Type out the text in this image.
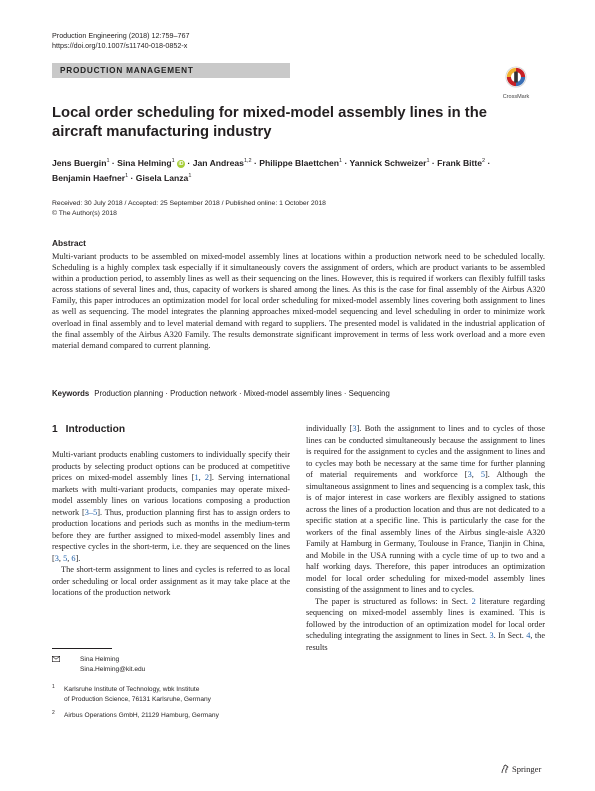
Production Engineering (2018) 12:759–767
https://doi.org/10.1007/s11740-018-0852-x
PRODUCTION MANAGEMENT
CrossMark
Local order scheduling for mixed-model assembly lines in the aircraft manufacturing industry
Jens Buergin$^1$ · Sina Helming$^1$ iD · Jan Andreas$^{1,2}$ · Philippe Blaettchen$^1$ · Yannick Schweizer$^1$ · Frank Bitte$^2$ ·
Benjamin Haefner$^1$ · Gisela Lanza$^1$
Received: 30 July 2018 / Accepted: 25 September 2018 / Published online: 1 October 2018
© The Author(s) 2018
Abstract
Multi-variant products to be assembled on mixed-model assembly lines at locations within a production network need to be scheduled locally. Scheduling is a highly complex task especially if it simultaneously covers the assignment of orders, which are product variants to be assembled within a production period, to assembly lines as well as their sequencing on the lines. However, this is required if workers can flexibly fulfill tasks across stations of several lines and, thus, capacity of workers is shared among the lines. As this is the case for final assembly of the Airbus A320 Family, this paper introduces an optimization model for local order scheduling for mixed-model assembly lines covering both assignment to lines as well as sequencing. The model integrates the planning approaches mixed-model sequencing and level scheduling in order to minimize work overload in final assembly and to level material demand with regard to suppliers. The presented model is validated in the industrial application of the final assembly of the Airbus A320 Family. The results demonstrate significant improvement in terms of less work overload and a more even material demand compared to current planning.
Keywords Production planning · Production network · Mixed-model assembly lines · Sequencing
1 Introduction

Multi-variant products enabling customers to individually specify their products by selecting product options can be produced at competitive prices on mixed-model assembly lines [1, 2]. Serving international markets with multi-variant products, companies may operate mixed-model assembly lines on various locations composing a production network [3–5]. Thus, production planning first has to assign orders to production locations and periods such as months in the medium-term before they are further assigned to mixed-model assembly lines and respective cycles in the short-term, i.e. they are sequenced on the lines [3, 5, 6].

The short-term assignment to lines and cycles is referred to as local order scheduling or local order assignment as it may take place at the locations of the production network

individually [3]. Both the assignment to lines and to cycles of those lines can be conducted simultaneously because the assignment to lines is required for the assignment to cycles and the assignment to lines and to cycles may both be necessary at the same time for further planning of material requirements and workforce [3, 5]. Although the simultaneous assignment to lines and sequencing is a complex task, this is of major interest in case workers are flexibly assigned to stations across the lines of a production location and thus are not dedicated to a specific station at a specific line. This is particularly the case for the workers of the final assembly lines of the Airbus single-aisle A320 Family at Hamburg in Germany, Toulouse in France, Tianjin in China, and Mobile in the USA running with a cycle time of up to two and a half working days. Therefore, this paper introduces an optimization model for local order scheduling for mixed-model assembly lines consisting of the assignment to lines and to cycles.

The paper is structured as follows: in Sect. 2 literature regarding sequencing on mixed-model assembly lines is examined. This is followed by the introduction of an optimization model for local order scheduling integrating the assignment to lines in Sect. 3. In Sect. 4, the results

Sina Helming
Sina.Helming@kit.edu
1 Karlsruhe Institute of Technology, wbk Institute
of Production Science, 76131 Karlsruhe, Germany
2 Airbus Operations GmbH, 21129 Hamburg, Germany
Springer
